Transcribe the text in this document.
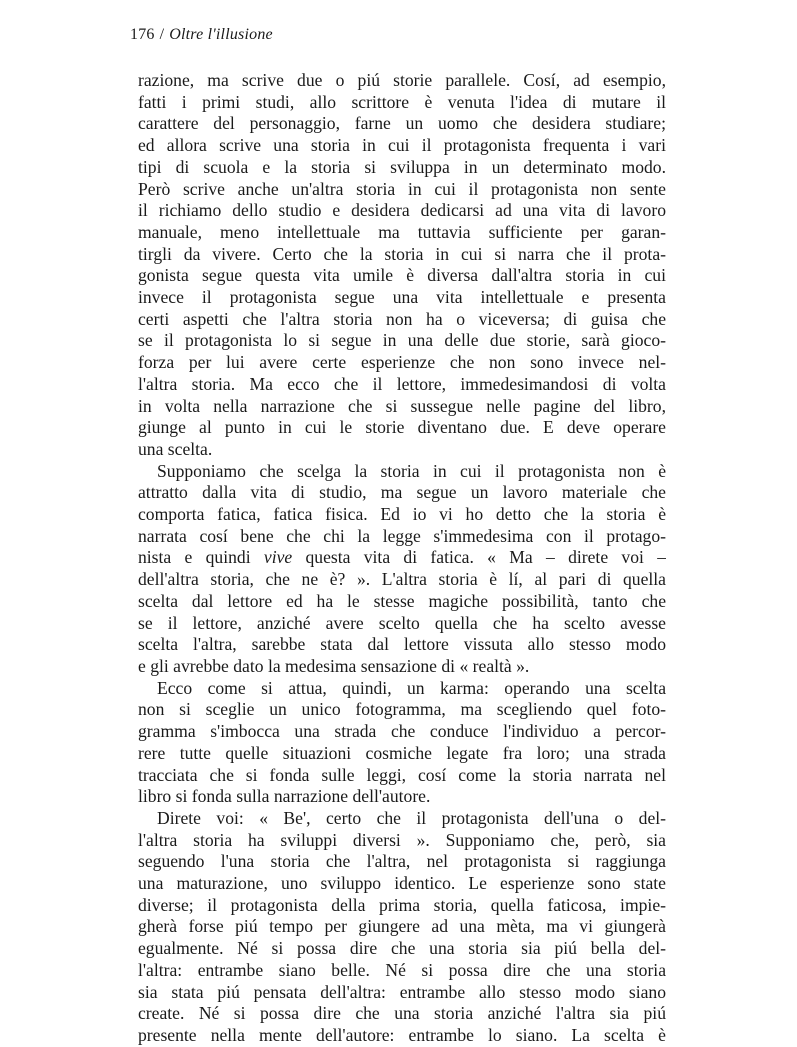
176 / Oltre l'illusione
razione, ma scrive due o piú storie parallele. Cosí, ad esempio,
fatti i primi studi, allo scrittore è venuta l'idea di mutare il
carattere del personaggio, farne un uomo che desidera studiare;
ed allora scrive una storia in cui il protagonista frequenta i vari
tipi di scuola e la storia si sviluppa in un determinato modo.
Però scrive anche un'altra storia in cui il protagonista non sente
il richiamo dello studio e desidera dedicarsi ad una vita di lavoro
manuale, meno intellettuale ma tuttavia sufficiente per garan-
tirgli da vivere. Certo che la storia in cui si narra che il prota-
gonista segue questa vita umile è diversa dall'altra storia in cui
invece il protagonista segue una vita intellettuale e presenta
certi aspetti che l'altra storia non ha o viceversa; di guisa che
se il protagonista lo si segue in una delle due storie, sarà gioco-
forza per lui avere certe esperienze che non sono invece nel-
l'altra storia. Ma ecco che il lettore, immedesimandosi di volta
in volta nella narrazione che si sussegue nelle pagine del libro,
giunge al punto in cui le storie diventano due. E deve operare
una scelta.
Supponiamo che scelga la storia in cui il protagonista non è
attratto dalla vita di studio, ma segue un lavoro materiale che
comporta fatica, fatica fisica. Ed io vi ho detto che la storia è
narrata cosí bene che chi la legge s'immedesima con il protago-
nista e quindi vive questa vita di fatica. « Ma – direte voi –
dell'altra storia, che ne è? ». L'altra storia è lí, al pari di quella
scelta dal lettore ed ha le stesse magiche possibilità, tanto che
se il lettore, anziché avere scelto quella che ha scelto avesse
scelta l'altra, sarebbe stata dal lettore vissuta allo stesso modo
e gli avrebbe dato la medesima sensazione di « realtà ».
Ecco come si attua, quindi, un karma: operando una scelta
non si sceglie un unico fotogramma, ma scegliendo quel foto-
gramma s'imbocca una strada che conduce l'individuo a percor-
rere tutte quelle situazioni cosmiche legate fra loro; una strada
tracciata che si fonda sulle leggi, cosí come la storia narrata nel
libro si fonda sulla narrazione dell'autore.
Direte voi: « Be', certo che il protagonista dell'una o del-
l'altra storia ha sviluppi diversi ». Supponiamo che, però, sia
seguendo l'una storia che l'altra, nel protagonista si raggiunga
una maturazione, uno sviluppo identico. Le esperienze sono state
diverse; il protagonista della prima storia, quella faticosa, impie-
gherà forse piú tempo per giungere ad una mèta, ma vi giungerà
egualmente. Né si possa dire che una storia sia piú bella del-
l'altra: entrambe siano belle. Né si possa dire che una storia
sia stata piú pensata dell'altra: entrambe allo stesso modo siano
create. Né si possa dire che una storia anziché l'altra sia piú
presente nella mente dell'autore: entrambe lo siano. La scelta è
